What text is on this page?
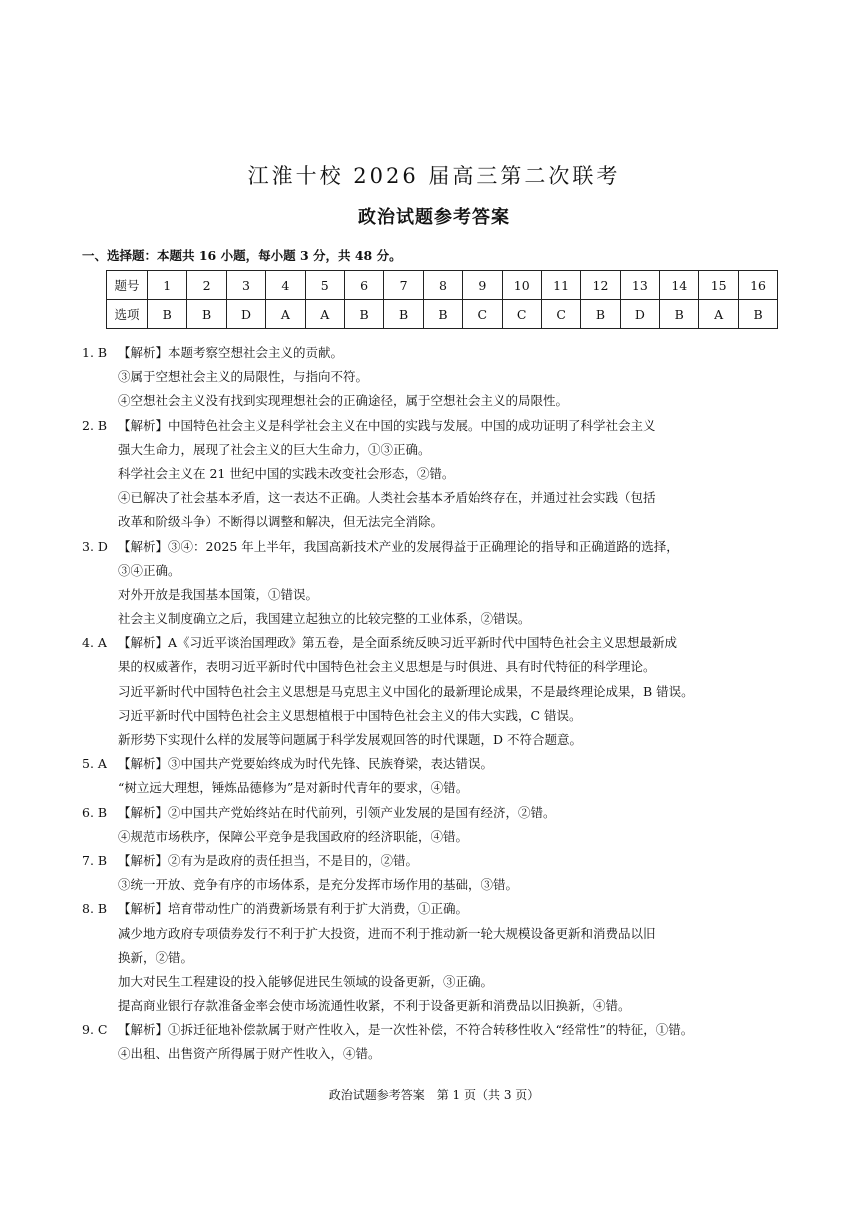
江淮十校 2026 届高三第二次联考
政治试题参考答案
一、选择题：本题共 16 小题，每小题 3 分，共 48 分。
题号	1	2	3	4	5	6	7	8	9	10	11	12	13	14	15	16
选项	B	B	D	A	A	B	B	B	C	C	C	B	D	B	A	B
1. B 【解析】本题考察空想社会主义的贡献。
③属于空想社会主义的局限性，与指向不符。
④空想社会主义没有找到实现理想社会的正确途径，属于空想社会主义的局限性。
2. B 【解析】中国特色社会主义是科学社会主义在中国的实践与发展。中国的成功证明了科学社会主义
强大生命力，展现了社会主义的巨大生命力，①③正确。
科学社会主义在 21 世纪中国的实践未改变社会形态，②错。
④已解决了社会基本矛盾，这一表达不正确。人类社会基本矛盾始终存在，并通过社会实践（包括
改革和阶级斗争）不断得以调整和解决，但无法完全消除。
3. D 【解析】③④：2025 年上半年，我国高新技术产业的发展得益于正确理论的指导和正确道路的选择，
③④正确。
对外开放是我国基本国策，①错误。
社会主义制度确立之后，我国建立起独立的比较完整的工业体系，②错误。
4. A 【解析】A《习近平谈治国理政》第五卷，是全面系统反映习近平新时代中国特色社会主义思想最新成
果的权威著作，表明习近平新时代中国特色社会主义思想是与时俱进、具有时代特征的科学理论。
习近平新时代中国特色社会主义思想是马克思主义中国化的最新理论成果，不是最终理论成果，B 错误。
习近平新时代中国特色社会主义思想植根于中国特色社会主义的伟大实践，C 错误。
新形势下实现什么样的发展等问题属于科学发展观回答的时代课题，D 不符合题意。
5. A 【解析】③中国共产党要始终成为时代先锋、民族脊梁，表达错误。
“树立远大理想，锤炼品德修为”是对新时代青年的要求，④错。
6. B 【解析】②中国共产党始终站在时代前列，引领产业发展的是国有经济，②错。
④规范市场秩序，保障公平竞争是我国政府的经济职能，④错。
7. B 【解析】②有为是政府的责任担当，不是目的，②错。
③统一开放、竞争有序的市场体系，是充分发挥市场作用的基础，③错。
8. B 【解析】培育带动性广的消费新场景有利于扩大消费，①正确。
减少地方政府专项债券发行不利于扩大投资，进而不利于推动新一轮大规模设备更新和消费品以旧
换新，②错。
加大对民生工程建设的投入能够促进民生领域的设备更新，③正确。
提高商业银行存款准备金率会使市场流通性收紧，不利于设备更新和消费品以旧换新，④错。
9. C 【解析】①拆迁征地补偿款属于财产性收入，是一次性补偿，不符合转移性收入“经常性”的特征，①错。
④出租、出售资产所得属于财产性收入，④错。
政治试题参考答案　第 1 页（共 3 页）
